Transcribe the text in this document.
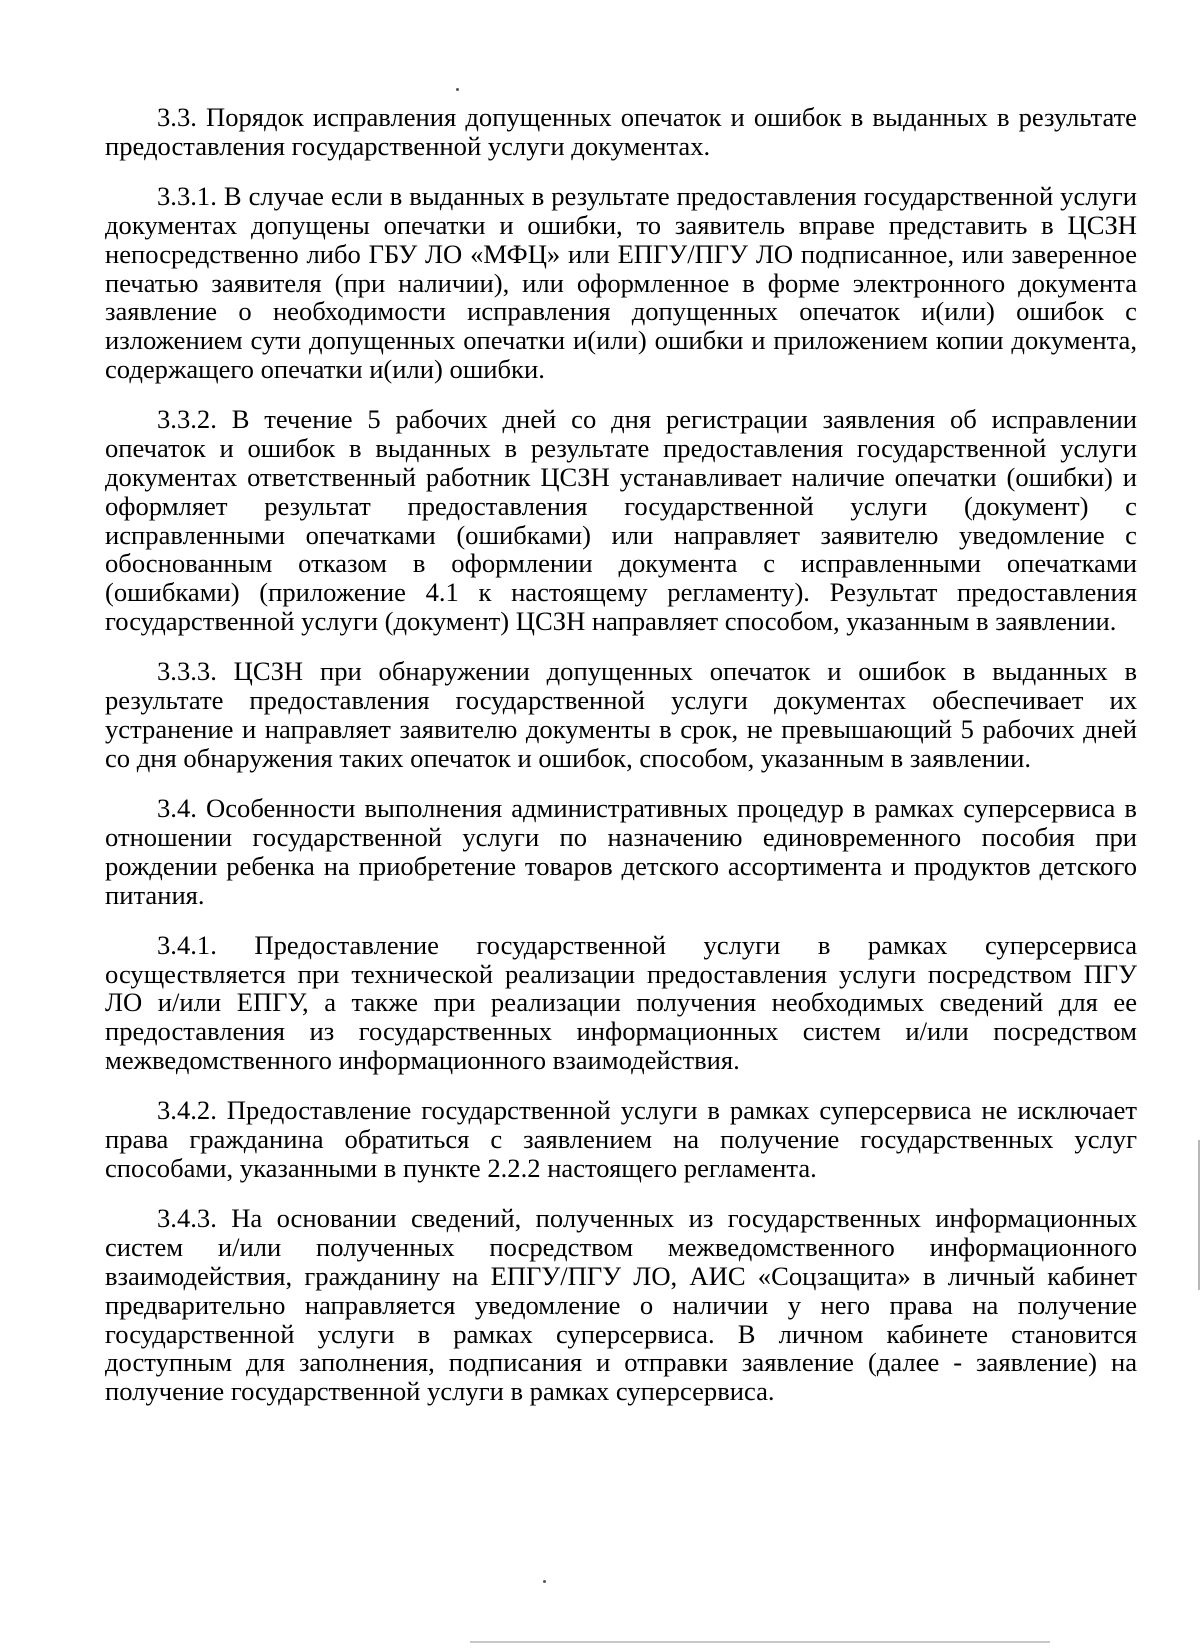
3.3. Порядок исправления допущенных опечаток и ошибок в выданных в результате предоставления государственной услуги документах.

3.3.1. В случае если в выданных в результате предоставления государственной услуги документах допущены опечатки и ошибки, то заявитель вправе представить в ЦСЗН непосредственно либо ГБУ ЛО «МФЦ» или ЕПГУ/ПГУ ЛО подписанное, или заверенное печатью заявителя (при наличии), или оформленное в форме электронного документа заявление о необходимости исправления допущенных опечаток и(или) ошибок с изложением сути допущенных опечатки и(или) ошибки и приложением копии документа, содержащего опечатки и(или) ошибки.

3.3.2. В течение 5 рабочих дней со дня регистрации заявления об исправлении опечаток и ошибок в выданных в результате предоставления государственной услуги документах ответственный работник ЦСЗН устанавливает наличие опечатки (ошибки) и оформляет результат предоставления государственной услуги (документ) с исправленными опечатками (ошибками) или направляет заявителю уведомление с обоснованным отказом в оформлении документа с исправленными опечатками (ошибками) (приложение 4.1 к настоящему регламенту). Результат предоставления государственной услуги (документ) ЦСЗН направляет способом, указанным в заявлении.

3.3.3. ЦСЗН при обнаружении допущенных опечаток и ошибок в выданных в результате предоставления государственной услуги документах обеспечивает их устранение и направляет заявителю документы в срок, не превышающий 5 рабочих дней со дня обнаружения таких опечаток и ошибок, способом, указанным в заявлении.

3.4. Особенности выполнения административных процедур в рамках суперсервиса в отношении государственной услуги по назначению единовременного пособия при рождении ребенка на приобретение товаров детского ассортимента и продуктов детского питания.

3.4.1. Предоставление государственной услуги в рамках суперсервиса осуществляется при технической реализации предоставления услуги посредством ПГУ ЛО и/или ЕПГУ, а также при реализации получения необходимых сведений для ее предоставления из государственных информационных систем и/или посредством межведомственного информационного взаимодействия.

3.4.2. Предоставление государственной услуги в рамках суперсервиса не исключает права гражданина обратиться с заявлением на получение государственных услуг способами, указанными в пункте 2.2.2 настоящего регламента.

3.4.3. На основании сведений, полученных из государственных информационных систем и/или полученных посредством межведомственного информационного взаимодействия, гражданину на ЕПГУ/ПГУ ЛО, АИС «Соцзащита» в личный кабинет предварительно направляется уведомление о наличии у него права на получение государственной услуги в рамках суперсервиса. В личном кабинете становится доступным для заполнения, подписания и отправки заявление (далее - заявление) на получение государственной услуги в рамках суперсервиса.
